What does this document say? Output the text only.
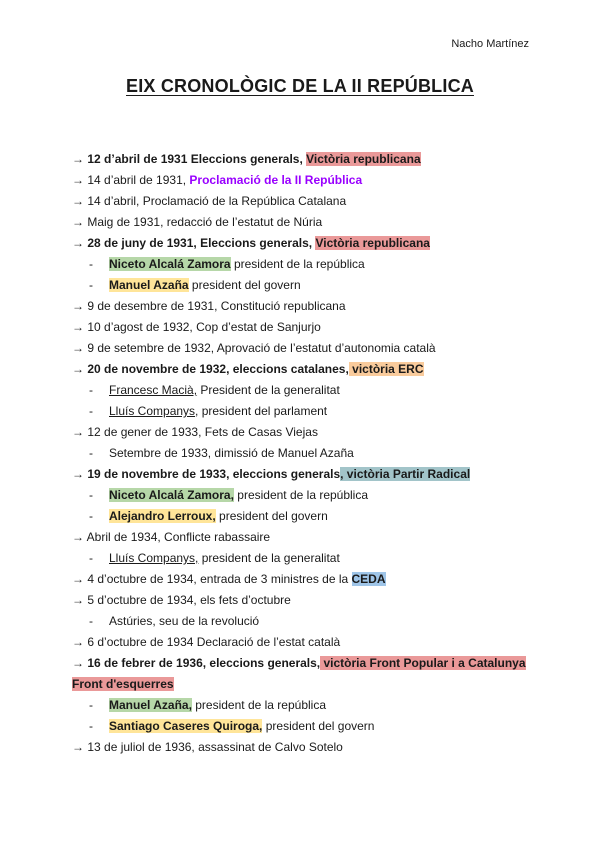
Nacho Martínez
EIX CRONOLÒGIC DE LA II REPÚBLICA
→ 12 d’abril de 1931 Eleccions generals, Victòria republicana
→ 14 d’abril de 1931, Proclamació de la II República
→ 14 d’abril, Proclamació de la República Catalana
→ Maig de 1931, redacció de l’estatut de Núria
→ 28 de juny de 1931, Eleccions generals, Victòria republicana
- Niceto Alcalá Zamora president de la república
- Manuel Azaña president del govern
→ 9 de desembre de 1931, Constitució republicana
→ 10 d’agost de 1932, Cop d’estat de Sanjurjo
→ 9 de setembre de 1932, Aprovació de l’estatut d’autonomia català
→ 20 de novembre de 1932, eleccions catalanes, victòria ERC
- Francesc Macià, President de la generalitat
- Lluís Companys, president del parlament
→ 12 de gener de 1933, Fets de Casas Viejas
- Setembre de 1933, dimissió de Manuel Azaña
→ 19 de novembre de 1933, eleccions generals, victòria Partir Radical
- Niceto Alcalá Zamora, president de la república
- Alejandro Lerroux, president del govern
→ Abril de 1934, Conflicte rabassaire
- Lluís Companys, president de la generalitat
→ 4 d’octubre de 1934, entrada de 3 ministres de la CEDA
→ 5 d’octubre de 1934, els fets d’octubre
- Astúries, seu de la revolució
→ 6 d’octubre de 1934 Declaració de l’estat català
→ 16 de febrer de 1936, eleccions generals, victòria Front Popular i a Catalunya Front d'esquerres
- Manuel Azaña, president de la república
- Santiago Caseres Quiroga, president del govern
→ 13 de juliol de 1936, assassinat de Calvo Sotelo
